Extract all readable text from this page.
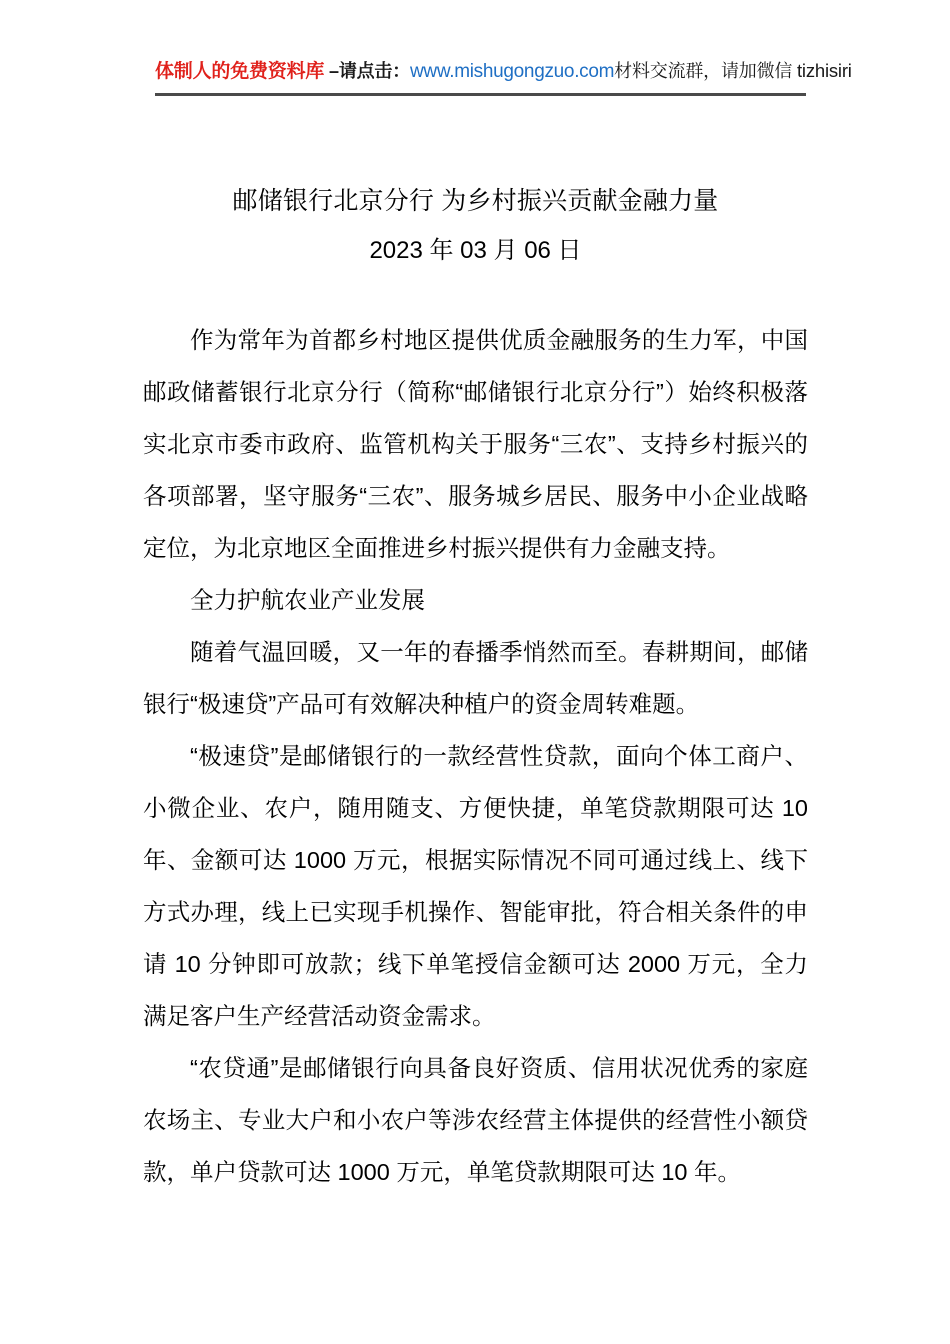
体制人的免费资料库 –请点击：www.mishugongzuo.com材料交流群，请加微信 tizhisiri
邮储银行北京分行 为乡村振兴贡献金融力量
2023 年 03 月 06 日

作为常年为首都乡村地区提供优质金融服务的生力军，中国邮政储蓄银行北京分行（简称“邮储银行北京分行”）始终积极落实北京市委市政府、监管机构关于服务“三农”、支持乡村振兴的各项部署，坚守服务“三农”、服务城乡居民、服务中小企业战略定位，为北京地区全面推进乡村振兴提供有力金融支持。

全力护航农业产业发展

随着气温回暖，又一年的春播季悄然而至。春耕期间，邮储银行“极速贷”产品可有效解决种植户的资金周转难题。

“极速贷”是邮储银行的一款经营性贷款，面向个体工商户、小微企业、农户，随用随支、方便快捷，单笔贷款期限可达 10 年、金额可达 1000 万元，根据实际情况不同可通过线上、线下方式办理，线上已实现手机操作、智能审批，符合相关条件的申请 10 分钟即可放款；线下单笔授信金额可达 2000 万元，全力满足客户生产经营活动资金需求。

“农贷通”是邮储银行向具备良好资质、信用状况优秀的家庭农场主、专业大户和小农户等涉农经营主体提供的经营性小额贷款，单户贷款可达 1000 万元，单笔贷款期限可达 10 年。
